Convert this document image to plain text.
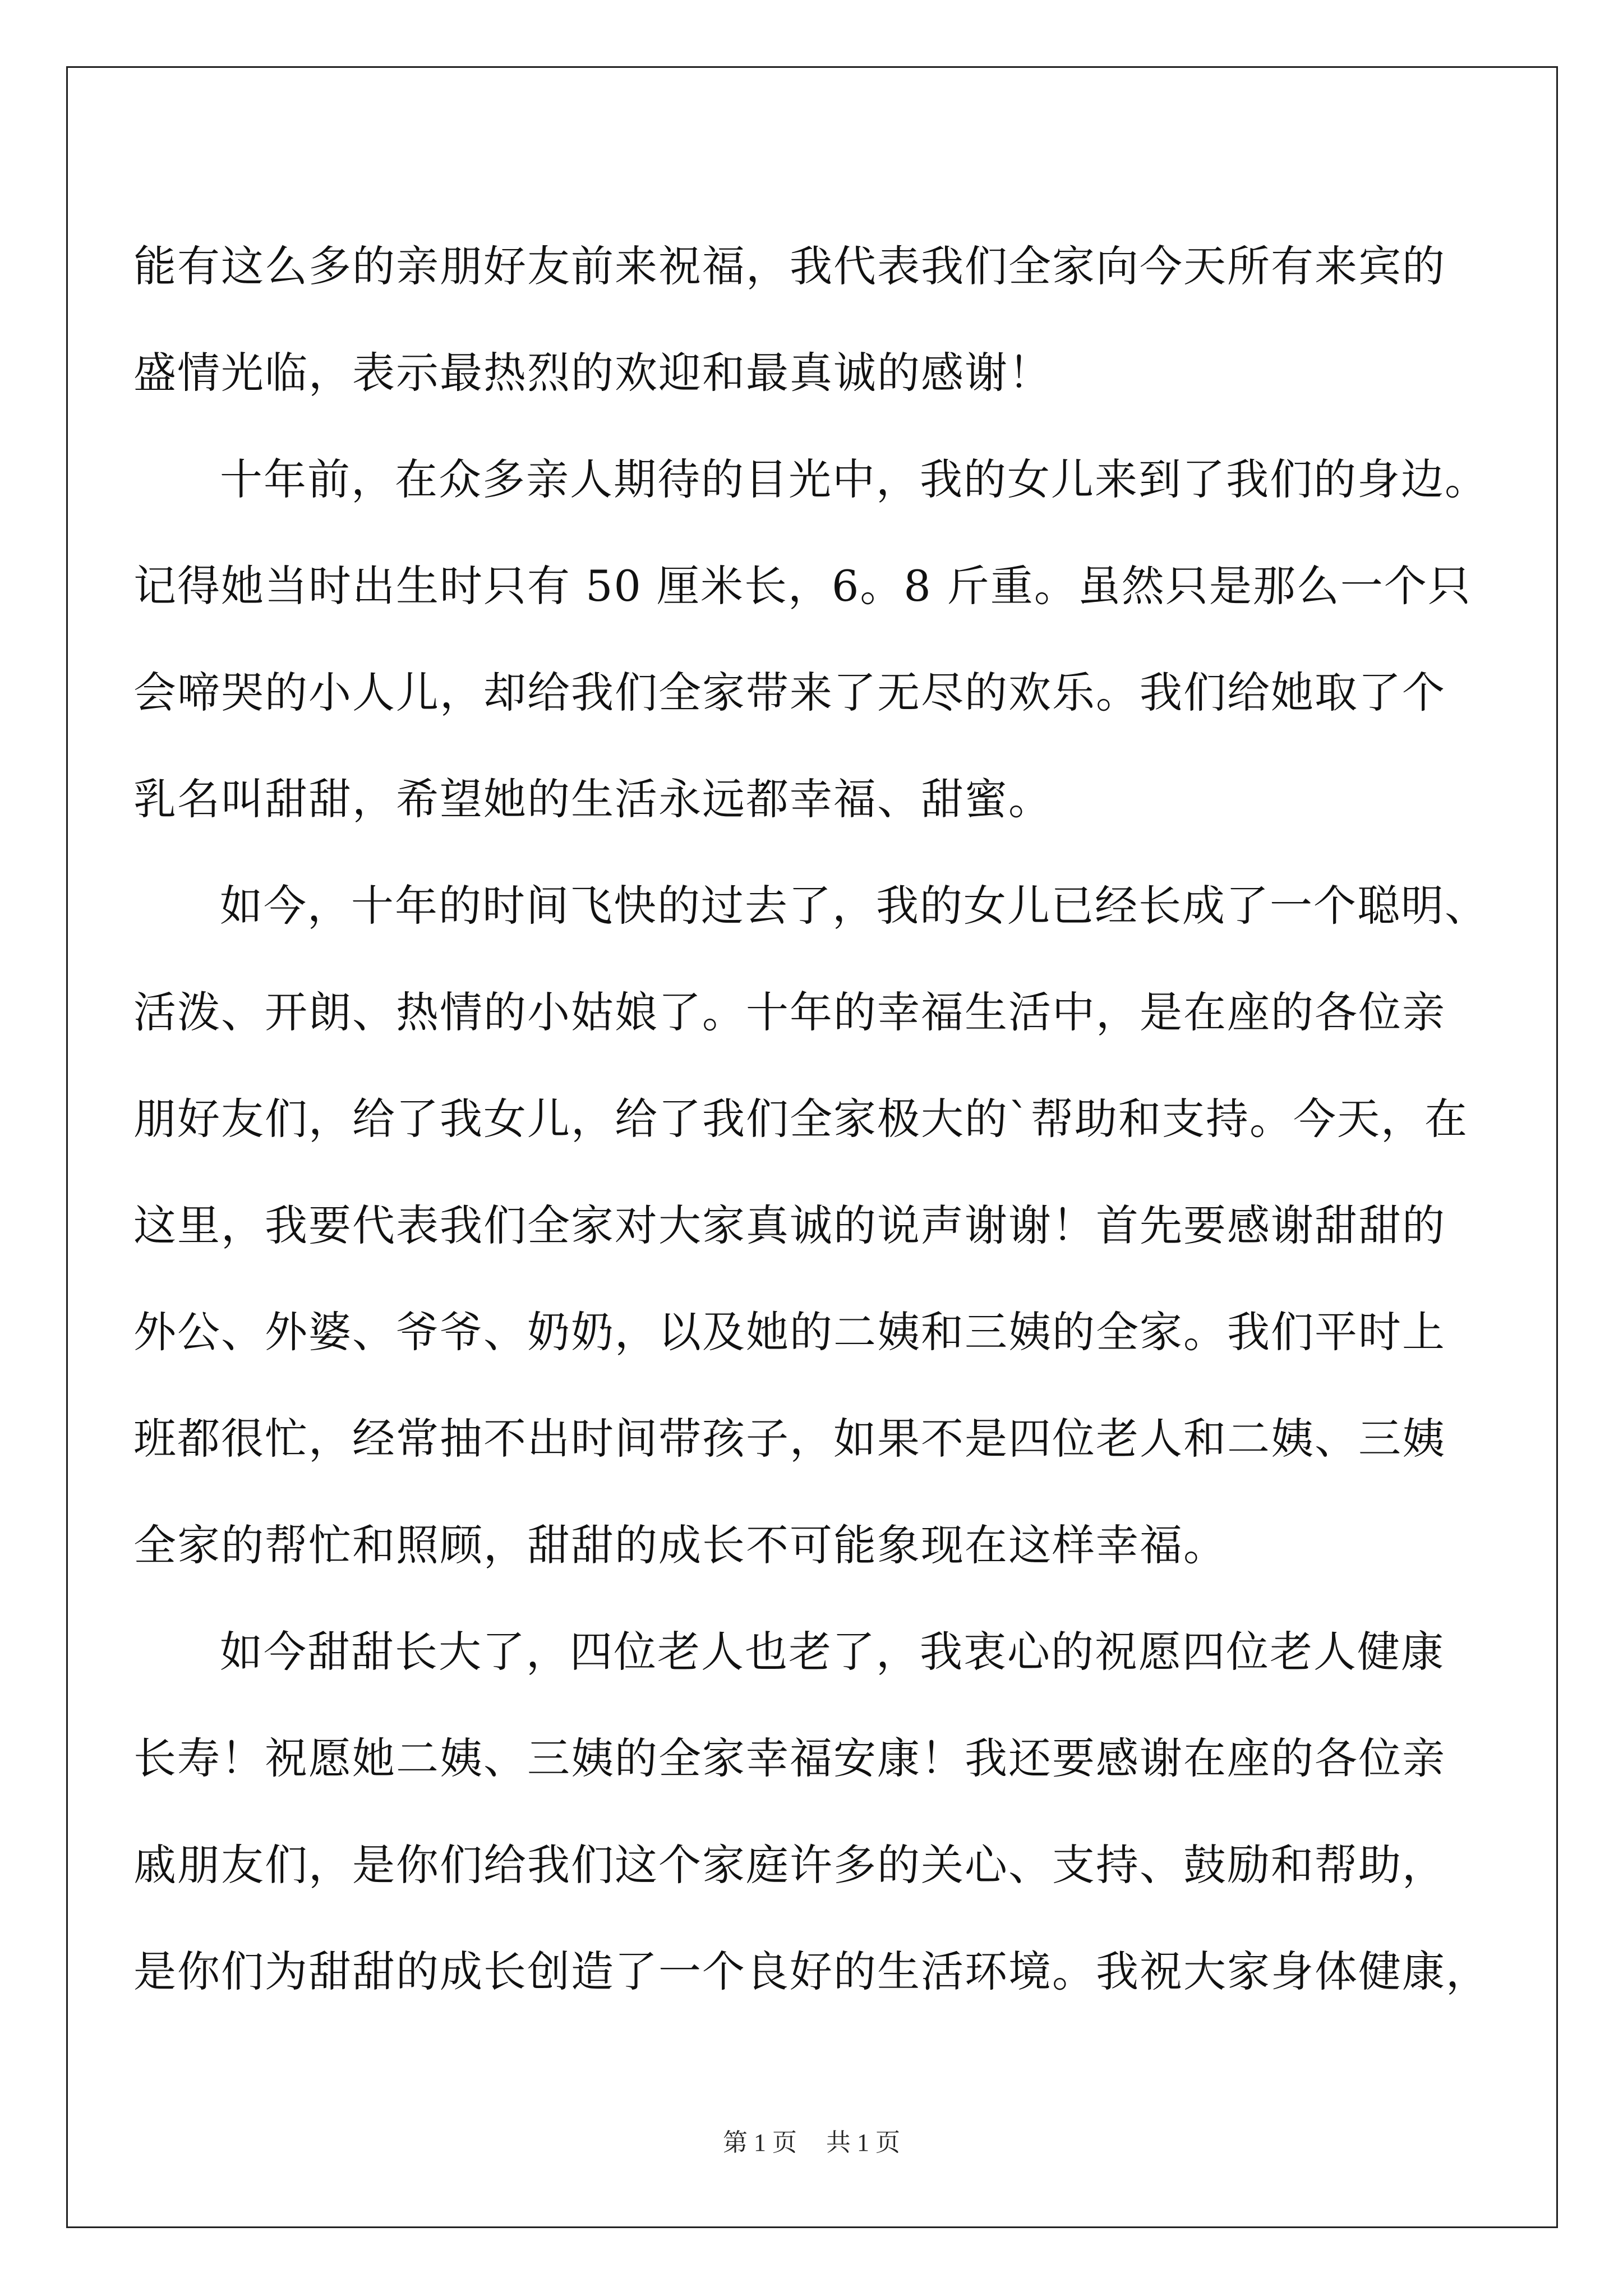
能有这么多的亲朋好友前来祝福，我代表我们全家向今天所有来宾的
盛情光临，表示最热烈的欢迎和最真诚的感谢！

十年前，在众多亲人期待的目光中，我的女儿来到了我们的身边。
记得她当时出生时只有 50 厘米长，6。8 斤重。虽然只是那么一个只
会啼哭的小人儿，却给我们全家带来了无尽的欢乐。我们给她取了个
乳名叫甜甜，希望她的生活永远都幸福、甜蜜。

如今，十年的时间飞快的过去了，我的女儿已经长成了一个聪明、
活泼、开朗、热情的小姑娘了。十年的幸福生活中，是在座的各位亲
朋好友们，给了我女儿，给了我们全家极大的`帮助和支持。今天，在
这里，我要代表我们全家对大家真诚的说声谢谢！首先要感谢甜甜的
外公、外婆、爷爷、奶奶，以及她的二姨和三姨的全家。我们平时上
班都很忙，经常抽不出时间带孩子，如果不是四位老人和二姨、三姨
全家的帮忙和照顾，甜甜的成长不可能象现在这样幸福。

如今甜甜长大了，四位老人也老了，我衷心的祝愿四位老人健康
长寿！祝愿她二姨、三姨的全家幸福安康！我还要感谢在座的各位亲
戚朋友们，是你们给我们这个家庭许多的关心、支持、鼓励和帮助，
是你们为甜甜的成长创造了一个良好的生活环境。我祝大家身体健康，

第 1 页 共 1 页
